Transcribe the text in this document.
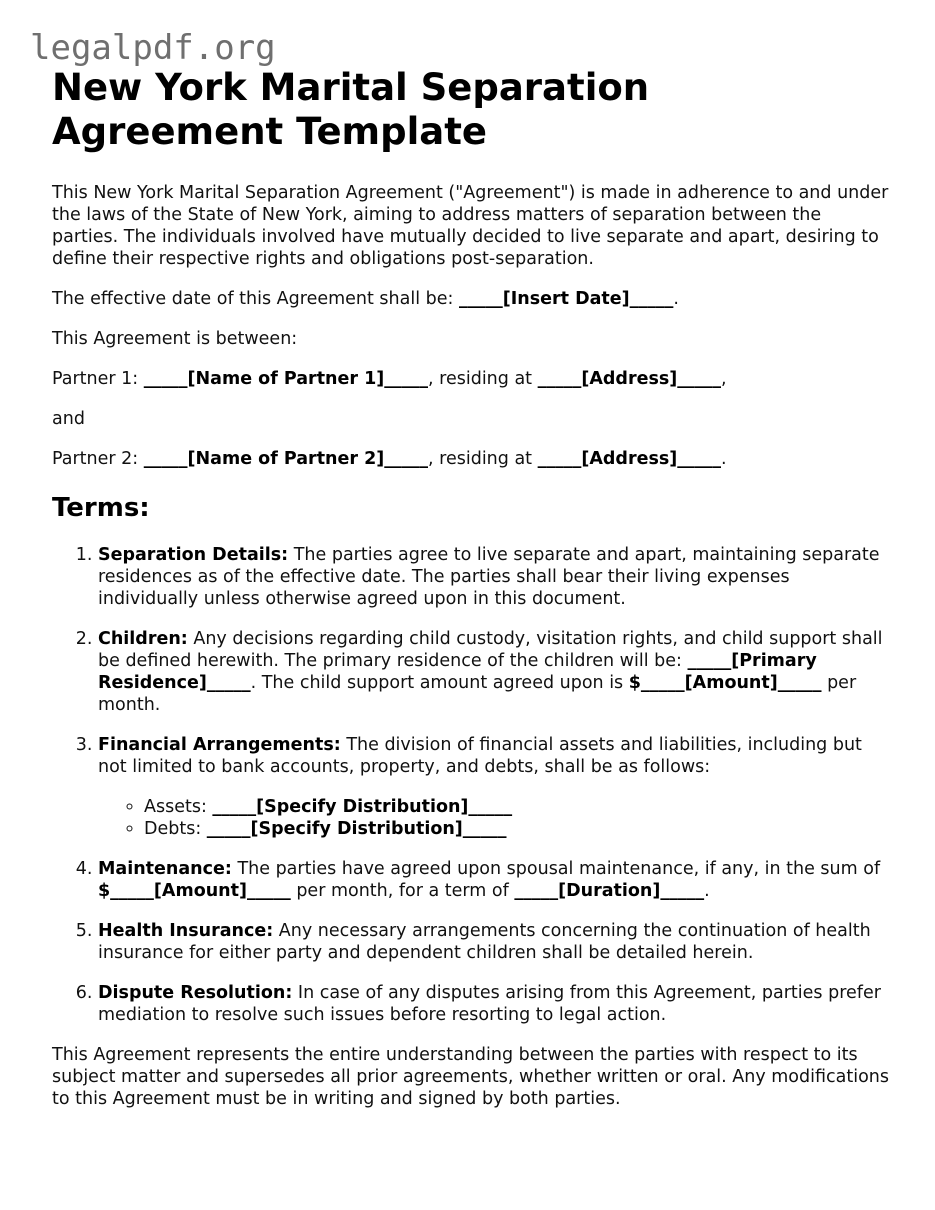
legalpdf.org
New York Marital Separation Agreement Template

This New York Marital Separation Agreement ("Agreement") is made in adherence to and under the laws of the State of New York, aiming to address matters of separation between the parties. The individuals involved have mutually decided to live separate and apart, desiring to define their respective rights and obligations post-separation.

The effective date of this Agreement shall be: _____[Insert Date]_____.

This Agreement is between:

Partner 1: _____[Name of Partner 1]_____, residing at _____[Address]_____,

and

Partner 2: _____[Name of Partner 2]_____, residing at _____[Address]_____.

Terms:
1. Separation Details: The parties agree to live separate and apart, maintaining separate residences as of the effective date. The parties shall bear their living expenses individually unless otherwise agreed upon in this document.
2. Children: Any decisions regarding child custody, visitation rights, and child support shall be defined herewith. The primary residence of the children will be: _____[Primary Residence]_____. The child support amount agreed upon is $_____[Amount]_____ per month.
3. Financial Arrangements: The division of financial assets and liabilities, including but not limited to bank accounts, property, and debts, shall be as follows:
◦ Assets: _____[Specify Distribution]_____
◦ Debts: _____[Specify Distribution]_____
4. Maintenance: The parties have agreed upon spousal maintenance, if any, in the sum of $_____[Amount]_____ per month, for a term of _____[Duration]_____.
5. Health Insurance: Any necessary arrangements concerning the continuation of health insurance for either party and dependent children shall be detailed herein.
6. Dispute Resolution: In case of any disputes arising from this Agreement, parties prefer mediation to resolve such issues before resorting to legal action.

This Agreement represents the entire understanding between the parties with respect to its subject matter and supersedes all prior agreements, whether written or oral. Any modifications to this Agreement must be in writing and signed by both parties.
